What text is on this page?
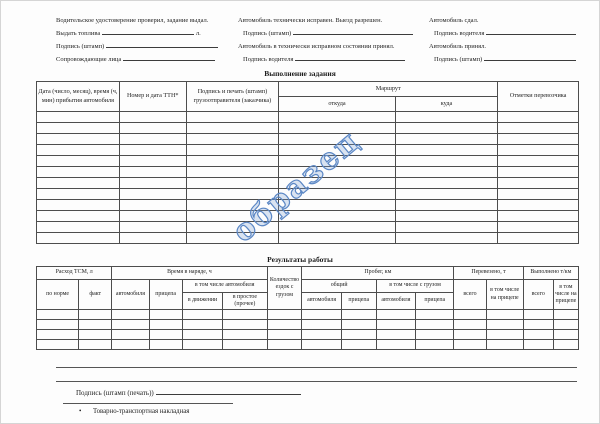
Водительское удостоверение проверил, задание выдал.
Выдать топлива	л.
Подпись (штамп)
Сопровождающие лица
Автомобиль технически исправен. Выезд разрешен.
Подпись (штамп)
Автомобиль в технически исправном состоянии принял.
Подпись водителя
Автомобиль сдал.
Подпись водителя
Автомобиль принял.
Подпись (штамп)
Выполнение задания
Дата (число, месяц), время (ч, мин) прибытия автомобиля	Номер и дата ТТН*	Подпись и печать (штамп) грузоотправителя (заказчика)	Маршрут		Отметки перевозчика
			откуда	куда	

образец
Результаты работы
Расход ТСМ, л		Время в наряде, ч				Количество ездок с грузом	Пробег, км				Перевезено, т		Выполнено т/км	
по норме	факт	автомобиля	прицепа	в том числе автомобиля			общий		в том числе с грузом		всего	в том числе на прицепе	всего	в том числе на прицепе
				в движении	в простое (прочее)		автомобиля	прицепа	автомобиля	прицепа				

Подпись (штамп (печать))
• Товарно-транспортная накладная
